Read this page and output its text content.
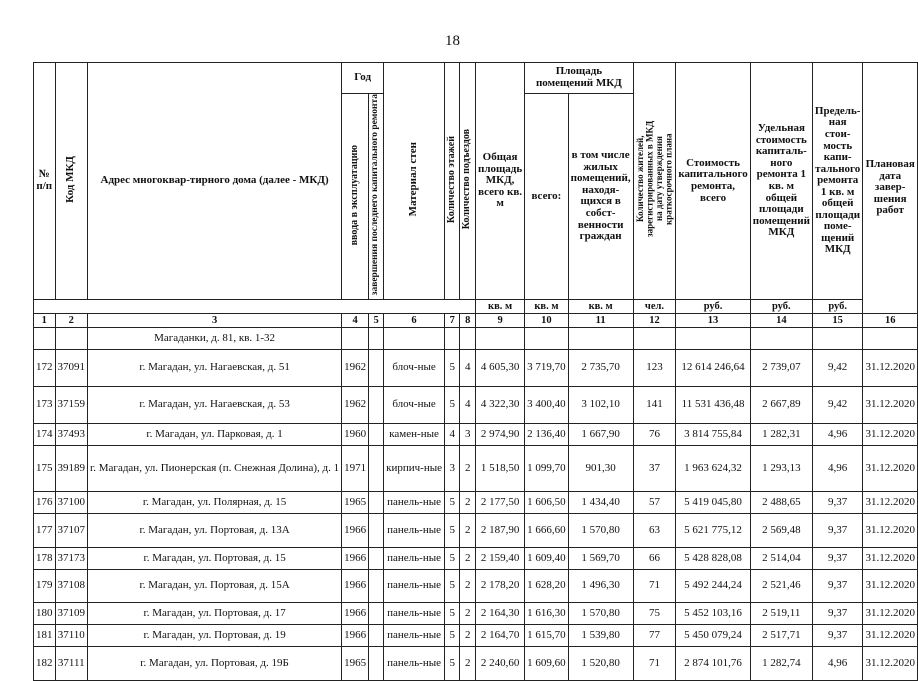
18
№ п/п	Код МКД	Адрес многоквар-тирного дома (далее - МКД)	Год		Материал стен	Количество этажей	Количество подъездов	Общая площадь МКД, всего кв. м	Площадь помещений МКД		Количество жителей, зарегистрированных в МКД на дату утверждения краткосрочного плана	Стоимость капитального ремонта, всего	Удельная стоимость капиталь-ного ремонта 1 кв. м общей площади помещений МКД	Предель-ная стои-мость капи-тального ремонта 1 кв. м общей площади поме-щений МКД	Плановая дата завер-шения работ
			ввода в эксплуатацию	завершения последнего капитального ремонта					всего:	в том числе жилых помещений, находя-щихся в собст-венности граждан					
								кв. м	кв. м	кв. м	чел.	руб.	руб.	руб.	
1	2	3	4	5	6	7	8	9	10	11	12	13	14	15	16
		Магаданки, д. 81, кв. 1-32													
172	37091	г. Магадан, ул. Нагаевская, д. 51	1962		блоч-ные	5	4	4 605,30	3 719,70	2 735,70	123	12 614 246,64	2 739,07	9,42	31.12.2020
173	37159	г. Магадан, ул. Нагаевская, д. 53	1962		блоч-ные	5	4	4 322,30	3 400,40	3 102,10	141	11 531 436,48	2 667,89	9,42	31.12.2020
174	37493	г. Магадан, ул. Парковая, д. 1	1960		камен-ные	4	3	2 974,90	2 136,40	1 667,90	76	3 814 755,84	1 282,31	4,96	31.12.2020
175	39189	г. Магадан, ул. Пионерская (п. Снежная Долина), д. 1	1971		кирпич-ные	3	2	1 518,50	1 099,70	901,30	37	1 963 624,32	1 293,13	4,96	31.12.2020
176	37100	г. Магадан, ул. Полярная, д. 15	1965		панель-ные	5	2	2 177,50	1 606,50	1 434,40	57	5 419 045,80	2 488,65	9,37	31.12.2020
177	37107	г. Магадан, ул. Портовая, д. 13А	1966		панель-ные	5	2	2 187,90	1 666,60	1 570,80	63	5 621 775,12	2 569,48	9,37	31.12.2020
178	37173	г. Магадан, ул. Портовая, д. 15	1966		панель-ные	5	2	2 159,40	1 609,40	1 569,70	66	5 428 828,08	2 514,04	9,37	31.12.2020
179	37108	г. Магадан, ул. Портовая, д. 15А	1966		панель-ные	5	2	2 178,20	1 628,20	1 496,30	71	5 492 244,24	2 521,46	9,37	31.12.2020
180	37109	г. Магадан, ул. Портовая, д. 17	1966		панель-ные	5	2	2 164,30	1 616,30	1 570,80	75	5 452 103,16	2 519,11	9,37	31.12.2020
181	37110	г. Магадан, ул. Портовая, д. 19	1966		панель-ные	5	2	2 164,70	1 615,70	1 539,80	77	5 450 079,24	2 517,71	9,37	31.12.2020
182	37111	г. Магадан, ул. Портовая, д. 19Б	1965		панель-ные	5	2	2 240,60	1 609,60	1 520,80	71	2 874 101,76	1 282,74	4,96	31.12.2020
